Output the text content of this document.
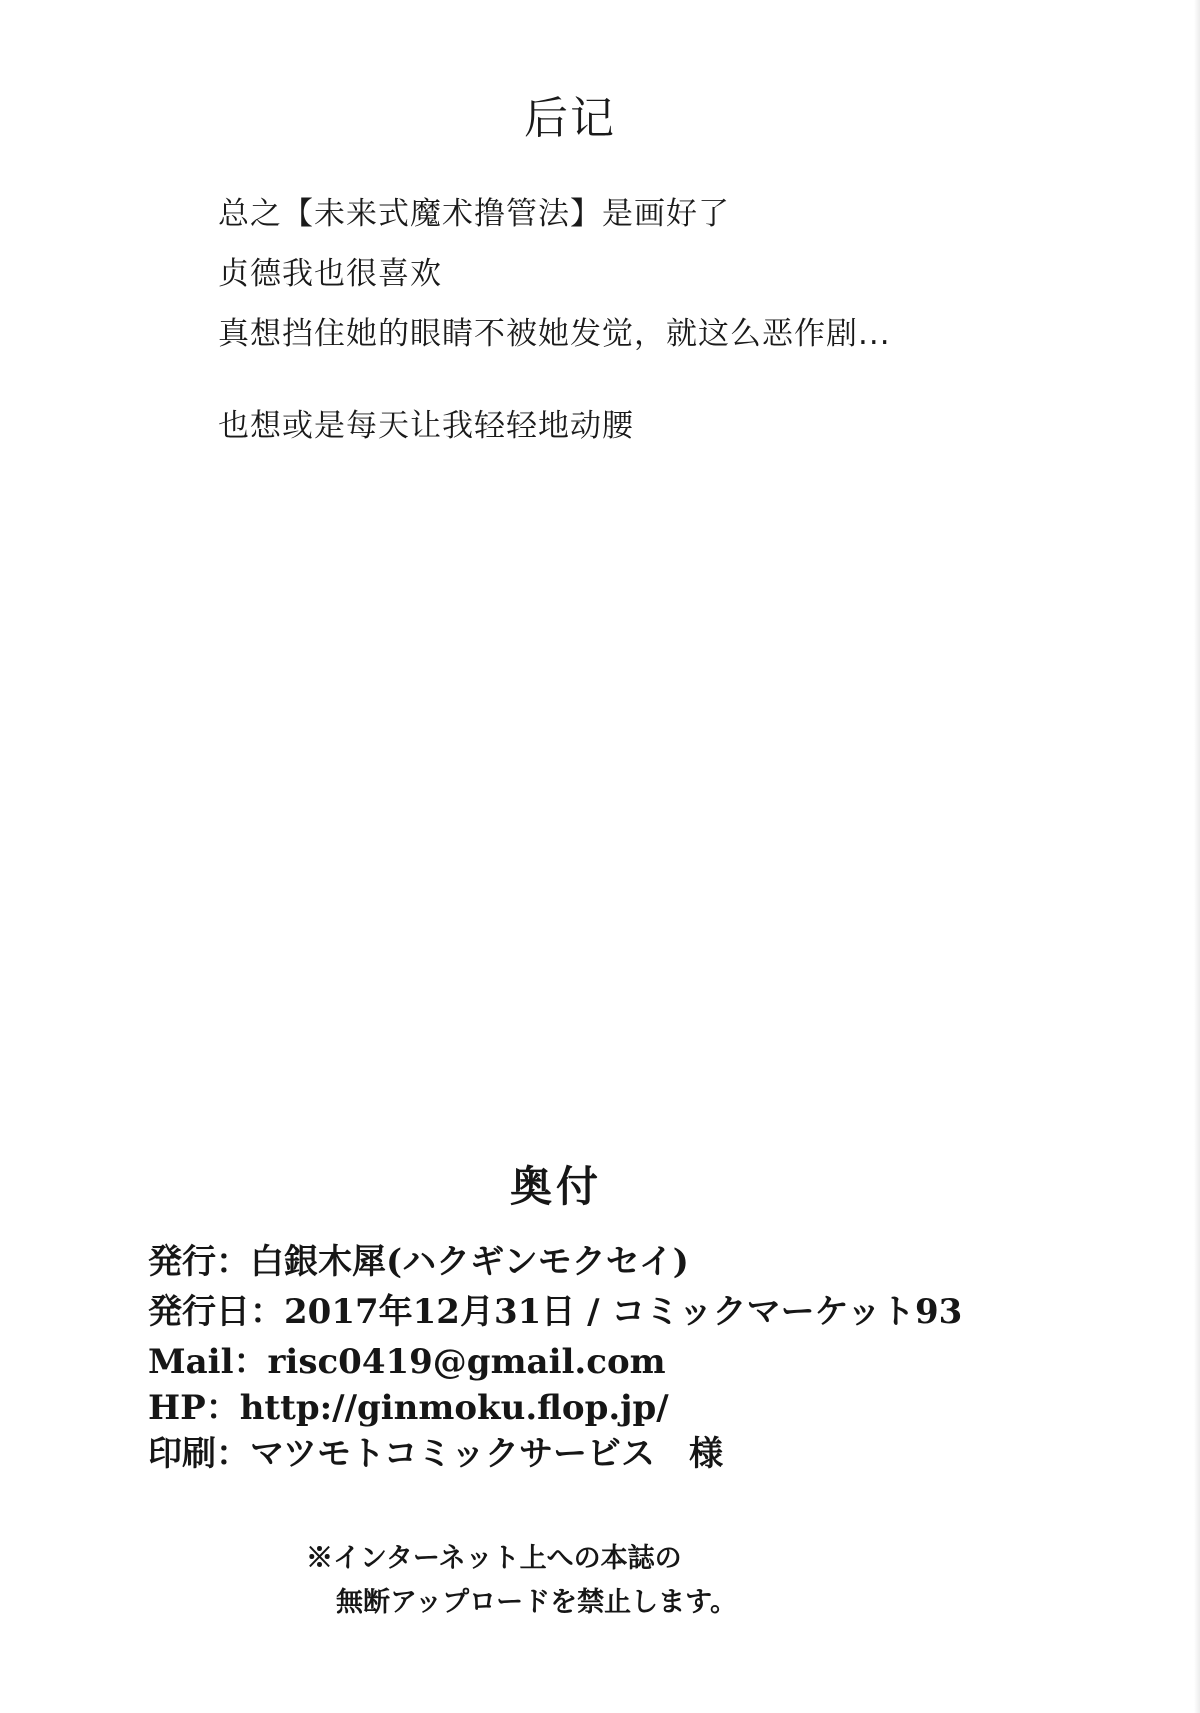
后记
总之【未来式魔术撸管法】是画好了
贞德我也很喜欢
真想挡住她的眼睛不被她发觉，就这么恶作剧...
也想或是每天让我轻轻地动腰
奥付
発行：白銀木犀(ハクギンモクセイ)
発行日：2017年12月31日 / コミックマーケット93
Mail：risc0419@gmail.com
HP：http://ginmoku.flop.jp/
印刷：マツモトコミックサービス　様
※インターネット上への本誌の
無断アップロードを禁止します。
